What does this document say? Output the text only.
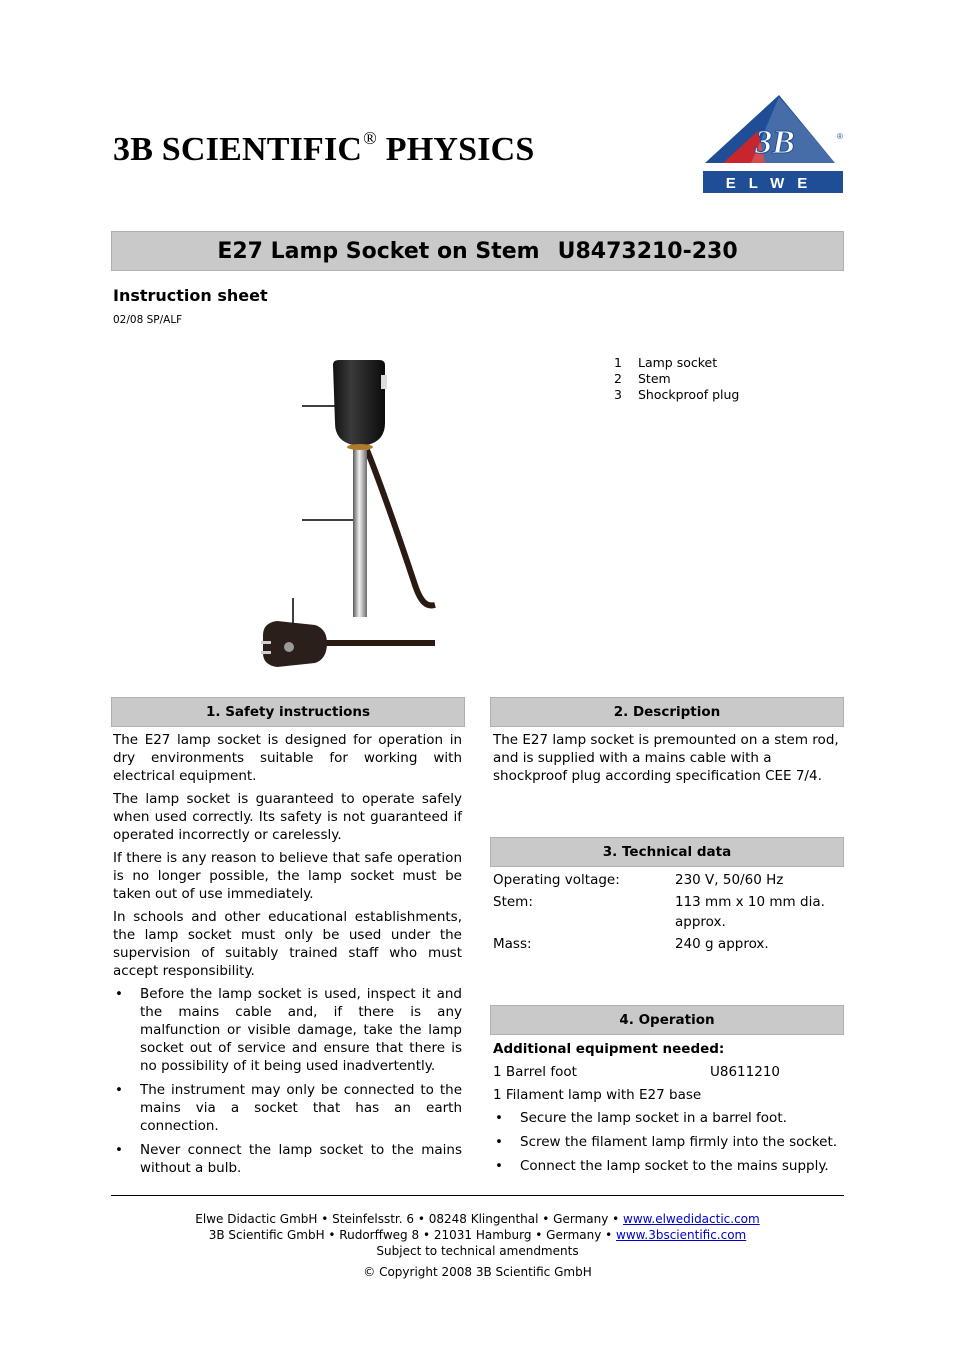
3B SCIENTIFIC® PHYSICS	3B	®
ELWE
E27 Lamp Socket on Stem U8473210-230
Instruction sheet
02/08 SP/ALF
1	Lamp socket
2	Stem
3	Shockproof plug
1. Safety instructions

The E27 lamp socket is designed for operation in dry environments suitable for working with electrical equipment.

The lamp socket is guaranteed to operate safely when used correctly. Its safety is not guaranteed if operated incorrectly or carelessly.

If there is any reason to believe that safe operation is no longer possible, the lamp socket must be taken out of use immediately.

In schools and other educational establishments, the lamp socket must only be used under the supervision of suitably trained staff who must accept responsibility.

• Before the lamp socket is used, inspect it and the mains cable and, if there is any malfunction or visible damage, take the lamp socket out of service and ensure that there is no possibility of it being used inadvertently.
• The instrument may only be connected to the mains via a socket that has an earth connection.
• Never connect the lamp socket to the mains without a bulb.
2. Description

The E27 lamp socket is premounted on a stem rod, and is supplied with a mains cable with a shockproof plug according specification CEE 7/4.

3. Technical data
Operating voltage:	230 V, 50/60 Hz
Stem:	113 mm x 10 mm dia. approx.
Mass:	240 g approx.
4. Operation
Additional equipment needed:
1 Barrel foot	U8611210
1 Filament lamp with E27 base
• Secure the lamp socket in a barrel foot.
• Screw the filament lamp firmly into the socket.
• Connect the lamp socket to the mains supply.
Elwe Didactic GmbH • Steinfelsstr. 6 • 08248 Klingenthal • Germany • www.elwedidactic.com
3B Scientific GmbH • Rudorffweg 8 • 21031 Hamburg • Germany • www.3bscientific.com
Subject to technical amendments
© Copyright 2008 3B Scientific GmbH
